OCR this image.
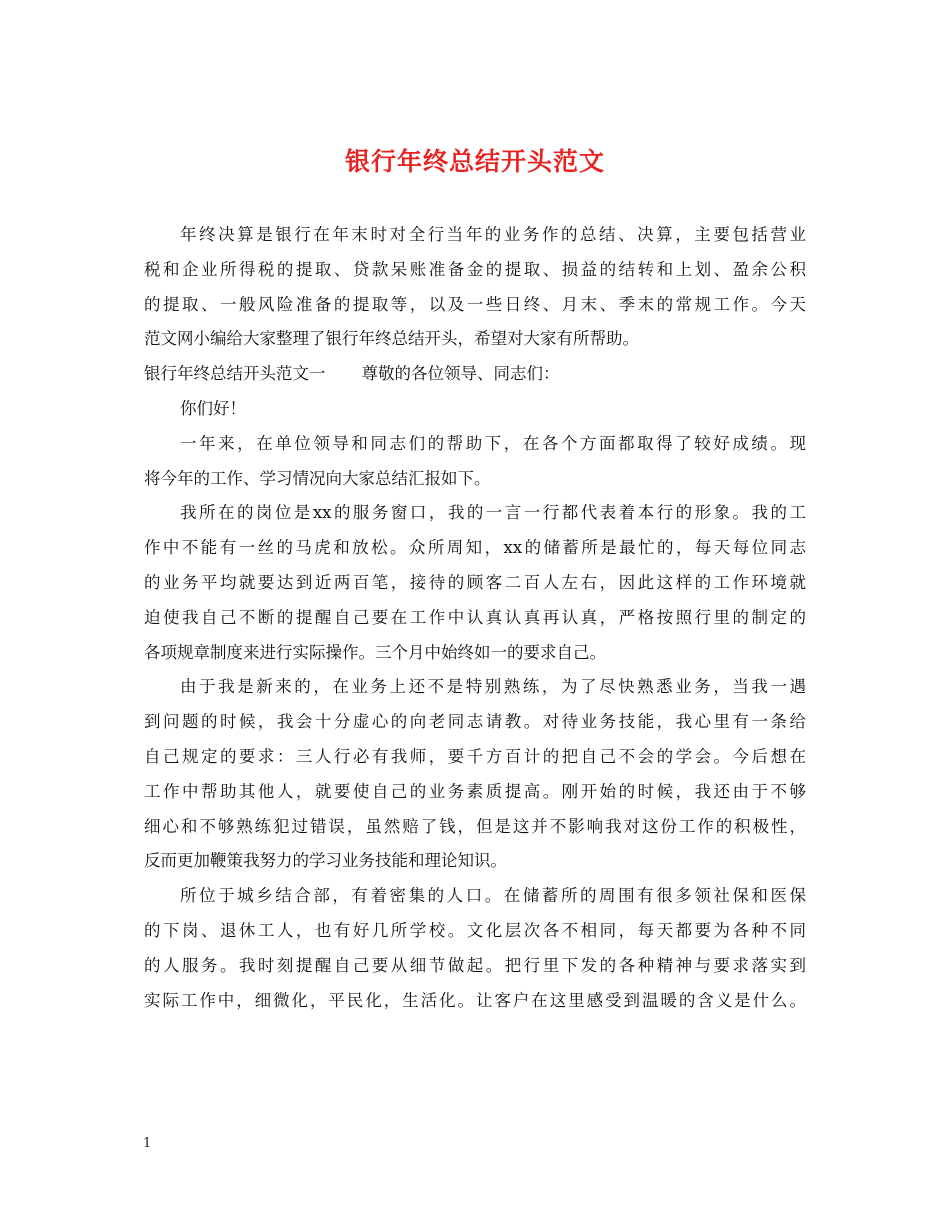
银行年终总结开头范文
年终决算是银行在年末时对全行当年的业务作的总结、决算，主要包括营业
税和企业所得税的提取、贷款呆账准备金的提取、损益的结转和上划、盈余公积
的提取、一般风险准备的提取等，以及一些日终、月末、季末的常规工作。今天
范文网小编给大家整理了银行年终总结开头，希望对大家有所帮助。
银行年终总结开头范文一 尊敬的各位领导、同志们：
你们好！
一年来，在单位领导和同志们的帮助下，在各个方面都取得了较好成绩。现
将今年的工作、学习情况向大家总结汇报如下。
我所在的岗位是xx的服务窗口，我的一言一行都代表着本行的形象。我的工
作中不能有一丝的马虎和放松。众所周知，xx的储蓄所是最忙的，每天每位同志
的业务平均就要达到近两百笔，接待的顾客二百人左右，因此这样的工作环境就
迫使我自己不断的提醒自己要在工作中认真认真再认真，严格按照行里的制定的
各项规章制度来进行实际操作。三个月中始终如一的要求自己。
由于我是新来的，在业务上还不是特别熟练，为了尽快熟悉业务，当我一遇
到问题的时候，我会十分虚心的向老同志请教。对待业务技能，我心里有一条给
自己规定的要求：三人行必有我师，要千方百计的把自己不会的学会。今后想在
工作中帮助其他人，就要使自己的业务素质提高。刚开始的时候，我还由于不够
细心和不够熟练犯过错误，虽然赔了钱，但是这并不影响我对这份工作的积极性，
反而更加鞭策我努力的学习业务技能和理论知识。
所位于城乡结合部，有着密集的人口。在储蓄所的周围有很多领社保和医保
的下岗、退休工人，也有好几所学校。文化层次各不相同，每天都要为各种不同
的人服务。我时刻提醒自己要从细节做起。把行里下发的各种精神与要求落实到
实际工作中，细微化，平民化，生活化。让客户在这里感受到温暖的含义是什么。
1
